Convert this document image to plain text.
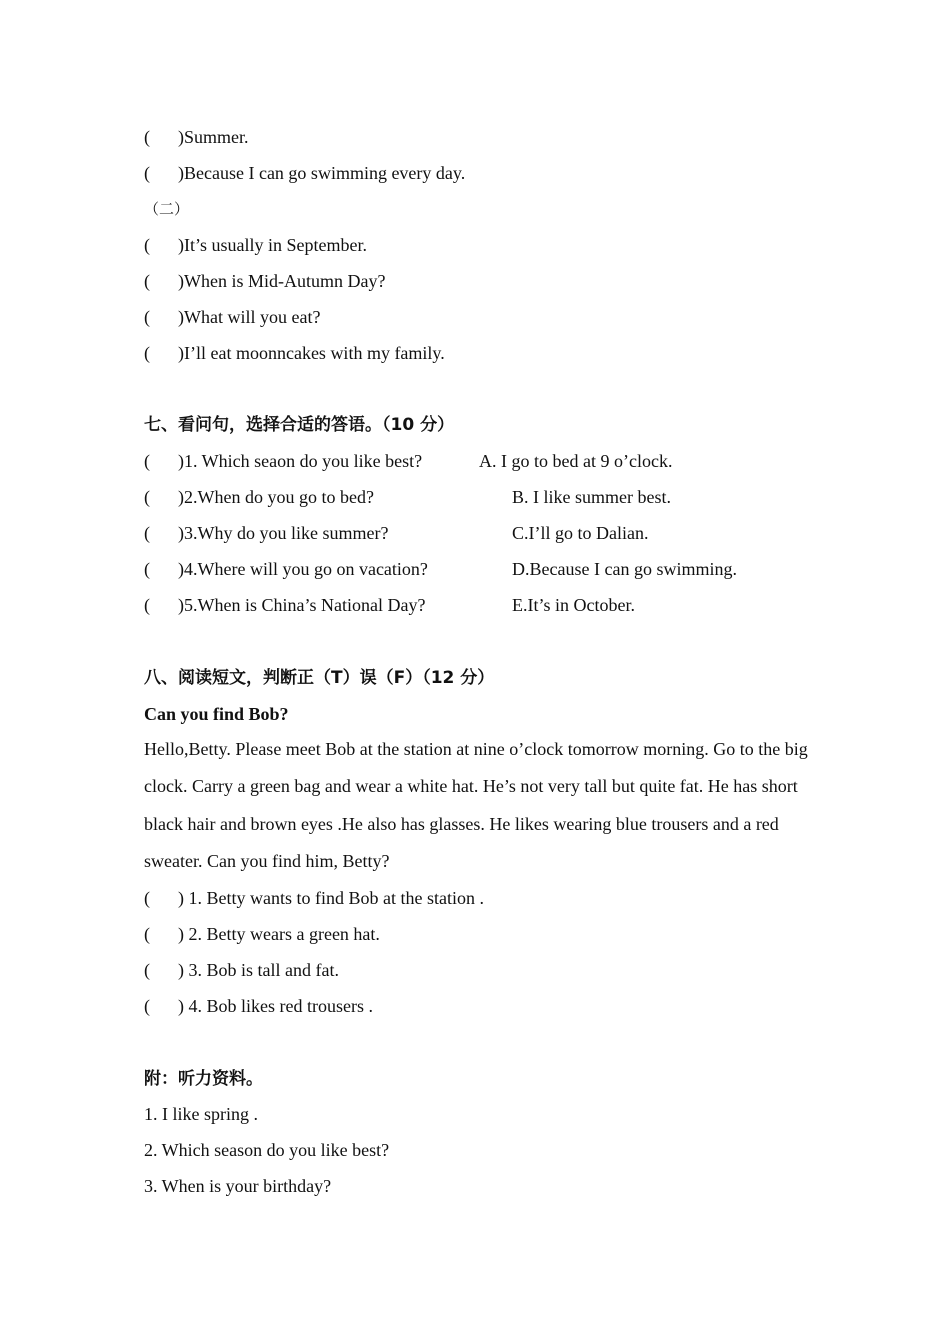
( )Summer.
( )Because I can go swimming every day.
（二）
( )It’s usually in September.
( )When is Mid-Autumn Day?
( )What will you eat?
( )I’ll eat moonncakes with my family.
七、看问句，选择合适的答语。（10 分）
( )1. Which seaon do you like best?	A. I go to bed at 9 o’clock.
( )2.When do you go to bed?	B. I like summer best.
( )3.Why do you like summer?	C.I’ll go to Dalian.
( )4.Where will you go on vacation?	D.Because I can go swimming.
( )5.When is China’s National Day?	E.It’s in October.
八、阅读短文，判断正（T）误（F）（12 分）
Can you find Bob?
Hello,Betty. Please meet Bob at the station at nine o’clock tomorrow morning. Go to the big clock. Carry a green bag and wear a white hat. He’s not very tall but quite fat. He has short black hair and brown eyes .He also has glasses. He likes wearing blue trousers and a red sweater. Can you find him, Betty?
( ) 1. Betty wants to find Bob at the station .
( ) 2. Betty wears a green hat.
( ) 3. Bob is tall and fat.
( ) 4. Bob likes red trousers .
附：听力资料。
1. I like spring .
2. Which season do you like best?
3. When is your birthday?
